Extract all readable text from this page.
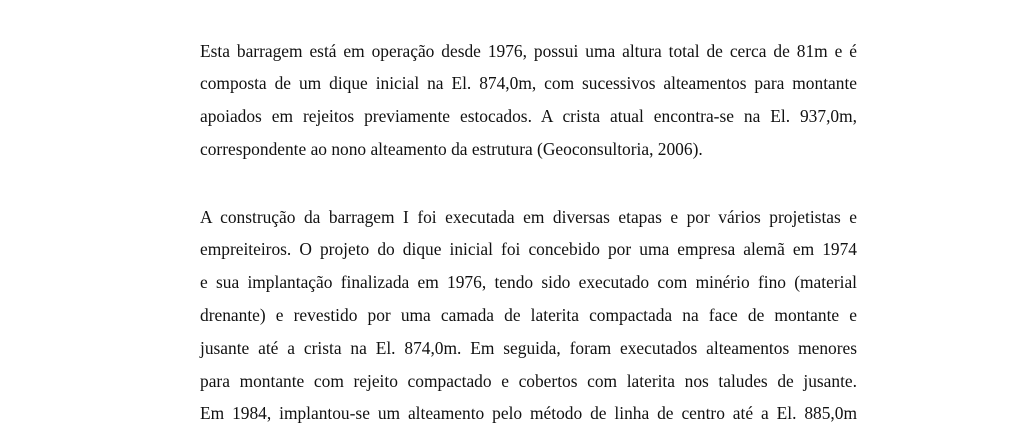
Esta barragem está em operação desde 1976, possui uma altura total de cerca de 81m e é
composta de um dique inicial na El. 874,0m, com sucessivos alteamentos para montante
apoiados em rejeitos previamente estocados. A crista atual encontra-se na El. 937,0m,
correspondente ao nono alteamento da estrutura (Geoconsultoria, 2006).
A construção da barragem I foi executada em diversas etapas e por vários projetistas e
empreiteiros. O projeto do dique inicial foi concebido por uma empresa alemã em 1974
e sua implantação finalizada em 1976, tendo sido executado com minério fino (material
drenante) e revestido por uma camada de laterita compactada na face de montante e
jusante até a crista na El. 874,0m. Em seguida, foram executados alteamentos menores
para montante com rejeito compactado e cobertos com laterita nos taludes de jusante.
Em 1984, implantou-se um alteamento pelo método de linha de centro até a El. 885,0m
